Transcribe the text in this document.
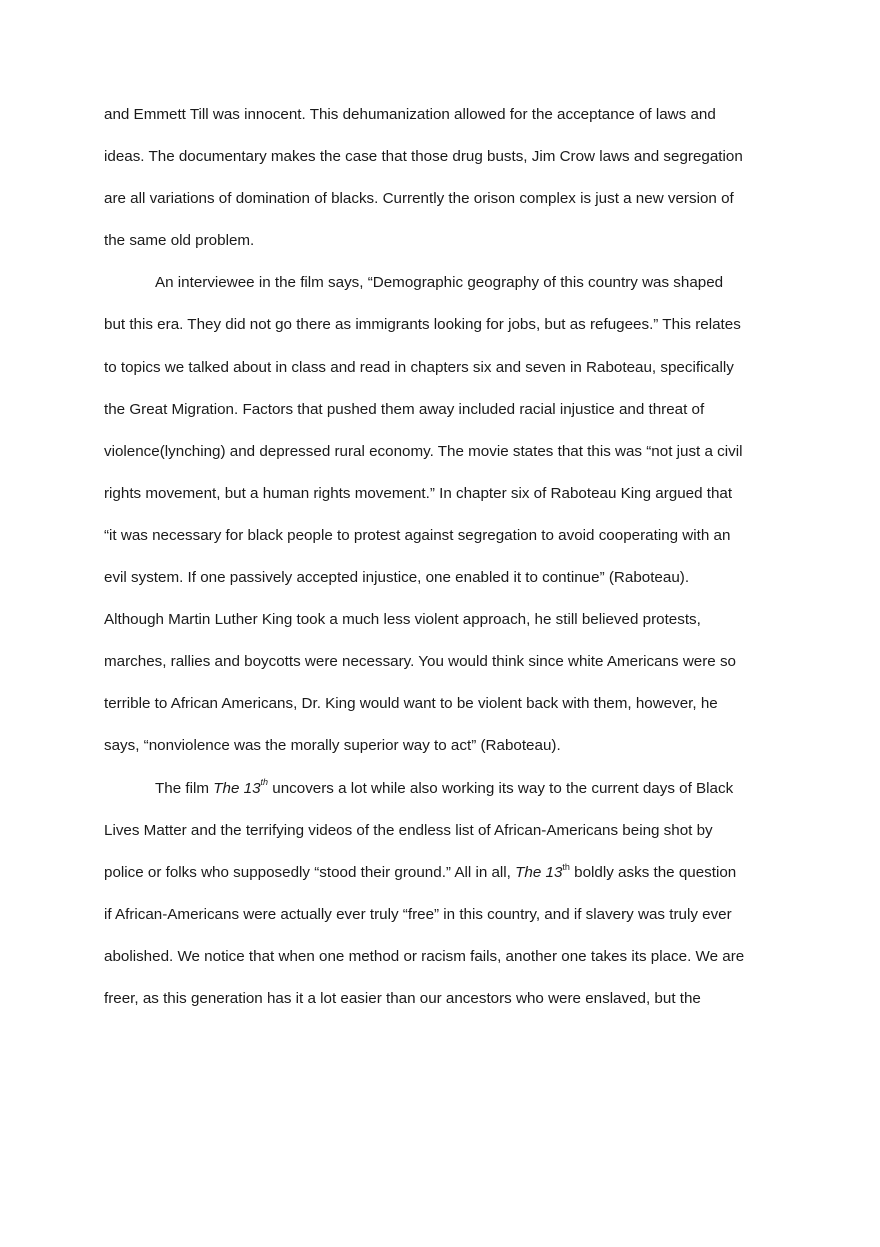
and Emmett Till was innocent. This dehumanization allowed for the acceptance of laws and
ideas. The documentary makes the case that those drug busts, Jim Crow laws and segregation
are all variations of domination of blacks. Currently the orison complex is just a new version of
the same old problem.
An interviewee in the film says, “Demographic geography of this country was shaped
but this era. They did not go there as immigrants looking for jobs, but as refugees.” This relates
to topics we talked about in class and read in chapters six and seven in Raboteau, specifically
the Great Migration. Factors that pushed them away included racial injustice and threat of
violence(lynching) and depressed rural economy. The movie states that this was “not just a civil
rights movement, but a human rights movement.” In chapter six of Raboteau King argued that
“it was necessary for black people to protest against segregation to avoid cooperating with an
evil system. If one passively accepted injustice, one enabled it to continue” (Raboteau).
Although Martin Luther King took a much less violent approach, he still believed protests,
marches, rallies and boycotts were necessary. You would think since white Americans were so
terrible to African Americans, Dr. King would want to be violent back with them, however, he
says, “nonviolence was the morally superior way to act” (Raboteau).
The film The 13th uncovers a lot while also working its way to the current days of Black
Lives Matter and the terrifying videos of the endless list of African-Americans being shot by
police or folks who supposedly “stood their ground.” All in all, The 13th boldly asks the question
if African-Americans were actually ever truly “free” in this country, and if slavery was truly ever
abolished. We notice that when one method or racism fails, another one takes its place. We are
freer, as this generation has it a lot easier than our ancestors who were enslaved, but the
